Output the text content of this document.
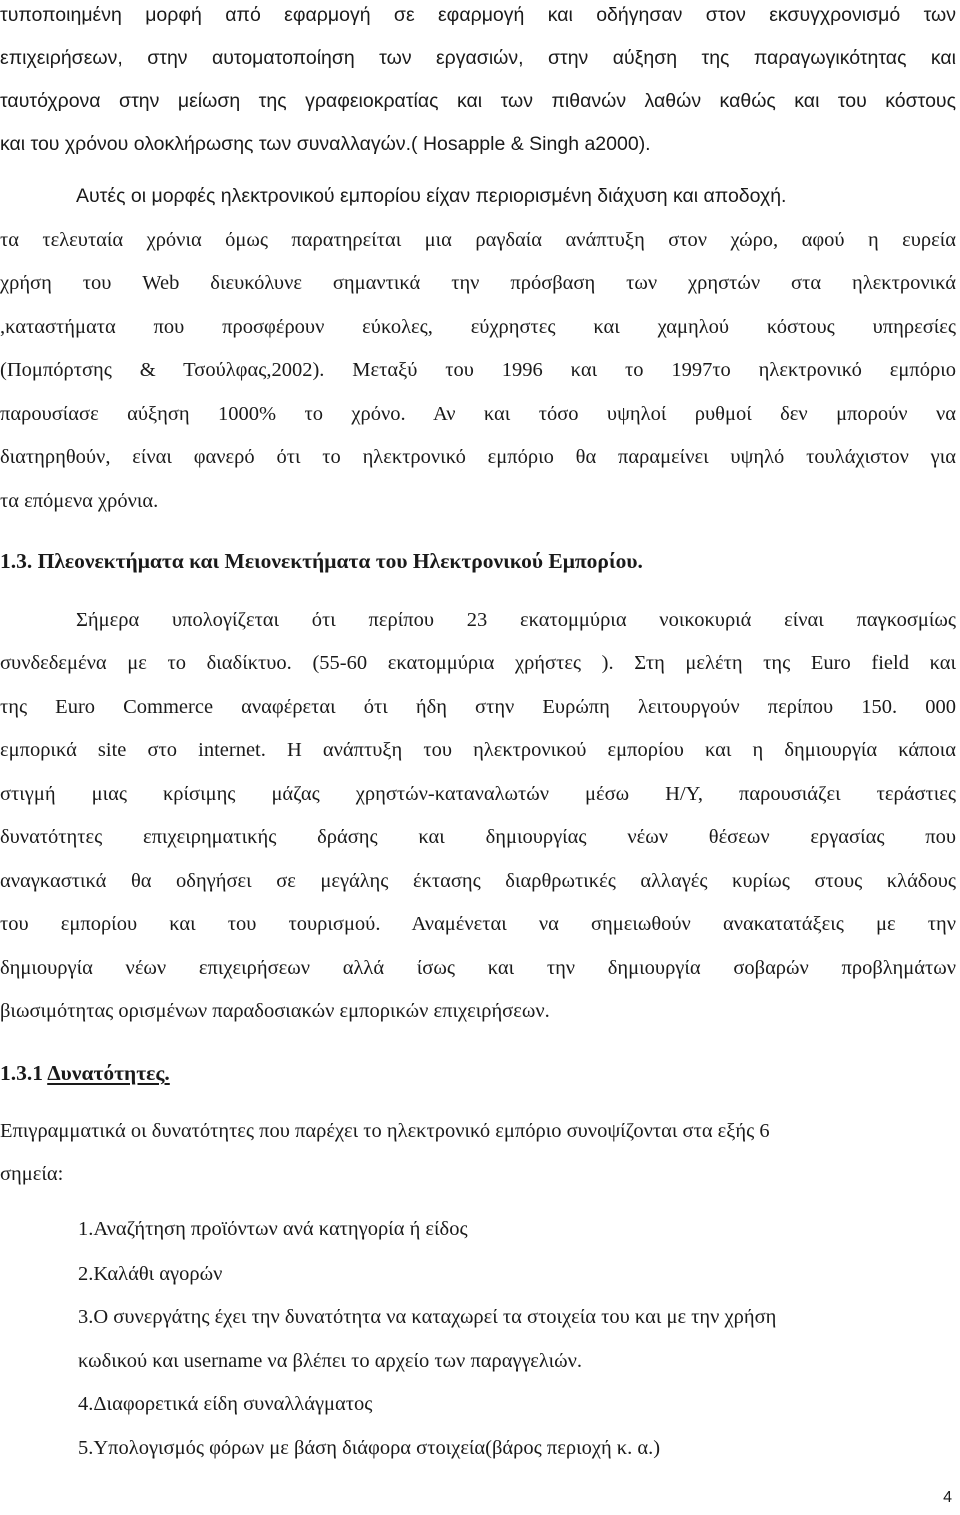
τυποποιημένη μορφή από εφαρμογή σε εφαρμογή και οδήγησαν στον εκσυγχρονισμό των
επιχειρήσεων, στην αυτοματοποίηση των εργασιών, στην αύξηση της παραγωγικότητας και
ταυτόχρονα στην μείωση της γραφειοκρατίας και των πιθανών λαθών καθώς και του κόστους
και του χρόνου ολοκλήρωσης των συναλλαγών.( Hosapple & Singh a2000).
Αυτές οι μορφές ηλεκτρονικού εμπορίου είχαν περιορισμένη διάχυση και αποδοχή.
τα τελευταία χρόνια όμως παρατηρείται μια ραγδαία ανάπτυξη στον χώρο, αφού η ευρεία
χρήση του Web διευκόλυνε σημαντικά την πρόσβαση των χρηστών στα ηλεκτρονικά
,καταστήματα που προσφέρουν εύκολες, εύχρηστες και χαμηλού κόστους υπηρεσίες
(Πομπόρτσης & Τσούλφας,2002). Μεταξύ του 1996 και το 1997το ηλεκτρονικό εμπόριο
παρουσίασε αύξηση 1000% το χρόνο. Αν και τόσο υψηλοί ρυθμοί δεν μπορούν να
διατηρηθούν, είναι φανερό ότι το ηλεκτρονικό εμπόριο θα παραμείνει υψηλό τουλάχιστον για
τα επόμενα χρόνια.
1.3. Πλεονεκτήματα και Μειονεκτήματα του Ηλεκτρονικού Εμπορίου.
Σήμερα υπολογίζεται ότι περίπου 23 εκατομμύρια νοικοκυριά είναι παγκοσμίως
συνδεδεμένα με το διαδίκτυο. (55-60 εκατομμύρια χρήστες ). Στη μελέτη της Euro field και
της Euro Commerce αναφέρεται ότι ήδη στην Ευρώπη λειτουργούν περίπου 150. 000
εμπορικά site στο internet. Η ανάπτυξη του ηλεκτρονικού εμπορίου και η δημιουργία κάποια
στιγμή μιας κρίσιμης μάζας χρηστών-καταναλωτών μέσω Η/Υ, παρουσιάζει τεράστιες
δυνατότητες επιχειρηματικής δράσης και δημιουργίας νέων θέσεων εργασίας που
αναγκαστικά θα οδηγήσει σε μεγάλης έκτασης διαρθρωτικές αλλαγές κυρίως στους κλάδους
του εμπορίου και του τουρισμού. Αναμένεται να σημειωθούν ανακατατάξεις με την
δημιουργία νέων επιχειρήσεων αλλά ίσως και την δημιουργία σοβαρών προβλημάτων
βιωσιμότητας ορισμένων παραδοσιακών εμπορικών επιχειρήσεων.
1.3.1 Δυνατότητες.
Επιγραμματικά οι δυνατότητες που παρέχει το ηλεκτρονικό εμπόριο συνοψίζονται στα εξής 6
σημεία:
1.Αναζήτηση προϊόντων ανά κατηγορία ή είδος
2.Καλάθι αγορών
3.Ο συνεργάτης έχει την δυνατότητα να καταχωρεί τα στοιχεία του και με την χρήση
κωδικού και username να βλέπει το αρχείο των παραγγελιών.
4.Διαφορετικά είδη συναλλάγματος
5.Υπολογισμός φόρων με βάση διάφορα στοιχεία(βάρος περιοχή κ. α.)
4
